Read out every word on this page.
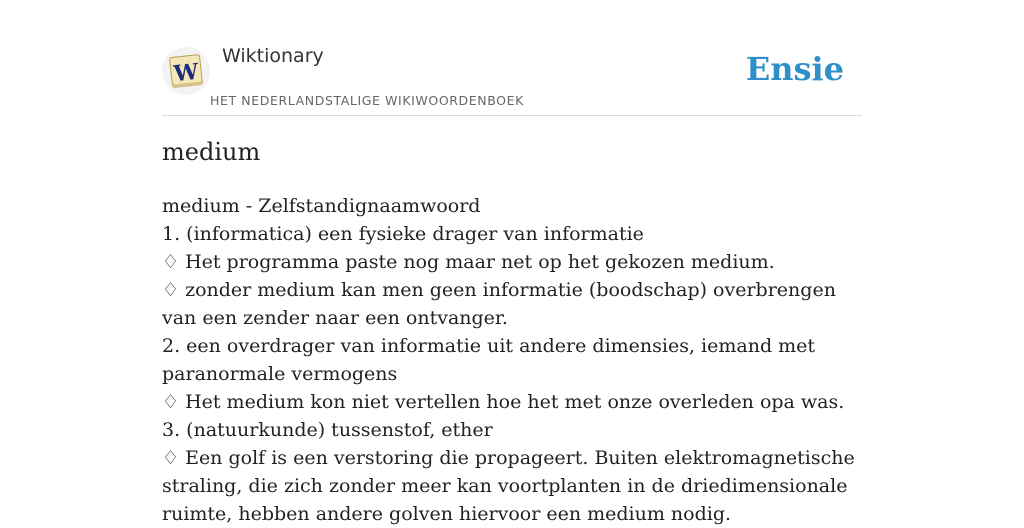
W
Wiktionary
HET NEDERLANDSTALIGE WIKIWOORDENBOEK
Ensie
medium
medium - Zelfstandignaamwoord
1. (informatica) een fysieke drager van informatie
♢ Het programma paste nog maar net op het gekozen medium.
♢ zonder medium kan men geen informatie (boodschap) overbrengen van een zender naar een ontvanger.
2. een overdrager van informatie uit andere dimensies, iemand met paranormale vermogens
♢ Het medium kon niet vertellen hoe het met onze overleden opa was.
3. (natuurkunde) tussenstof, ether
♢ Een golf is een verstoring die propageert. Buiten elektromagnetische straling, die zich zonder meer kan voortplanten in de driedimensionale ruimte, hebben andere golven hiervoor een medium nodig.
